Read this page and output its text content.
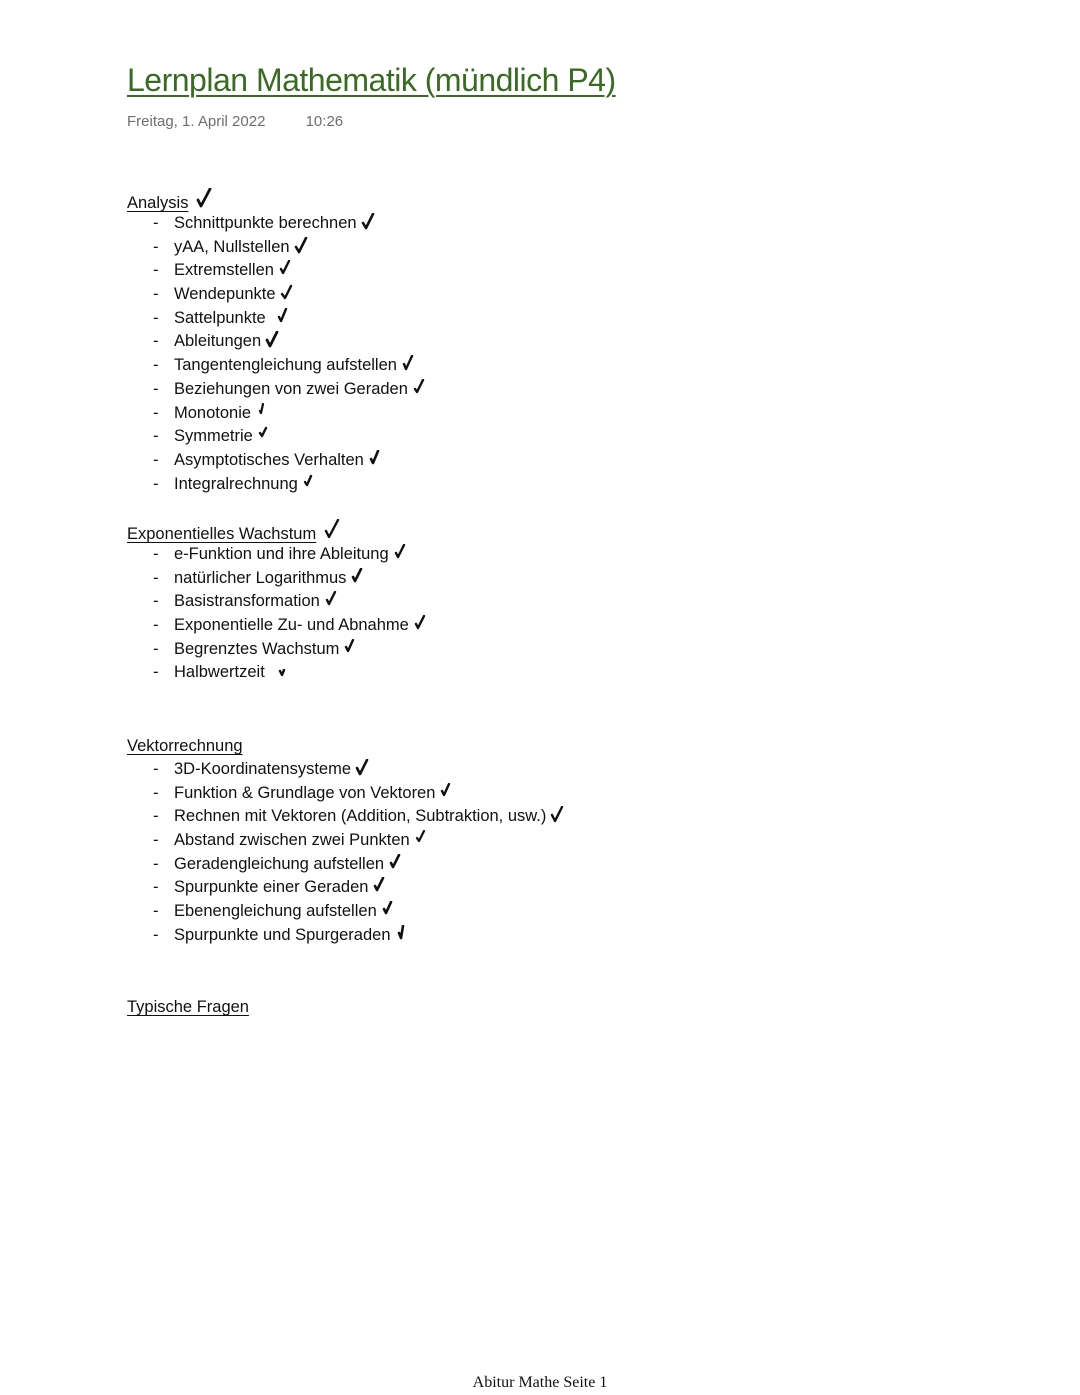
Lernplan Mathematik (mündlich P4)
Freitag, 1. April 2022	10:26
Analysis
- Schnittpunkte berechnen
- yAA, Nullstellen
- Extremstellen
- Wendepunkte
- Sattelpunkte
- Ableitungen
- Tangentengleichung aufstellen
- Beziehungen von zwei Geraden
- Monotonie
- Symmetrie
- Asymptotisches Verhalten
- Integralrechnung
Exponentielles Wachstum
- e-Funktion und ihre Ableitung
- natürlicher Logarithmus
- Basistransformation
- Exponentielle Zu- und Abnahme
- Begrenztes Wachstum
- Halbwertzeit
Vektorrechnung
- 3D-Koordinatensysteme
- Funktion & Grundlage von Vektoren
- Rechnen mit Vektoren (Addition, Subtraktion, usw.)
- Abstand zwischen zwei Punkten
- Geradengleichung aufstellen
- Spurpunkte einer Geraden
- Ebenengleichung aufstellen
- Spurpunkte und Spurgeraden
Typische Fragen
Abitur Mathe Seite 1
